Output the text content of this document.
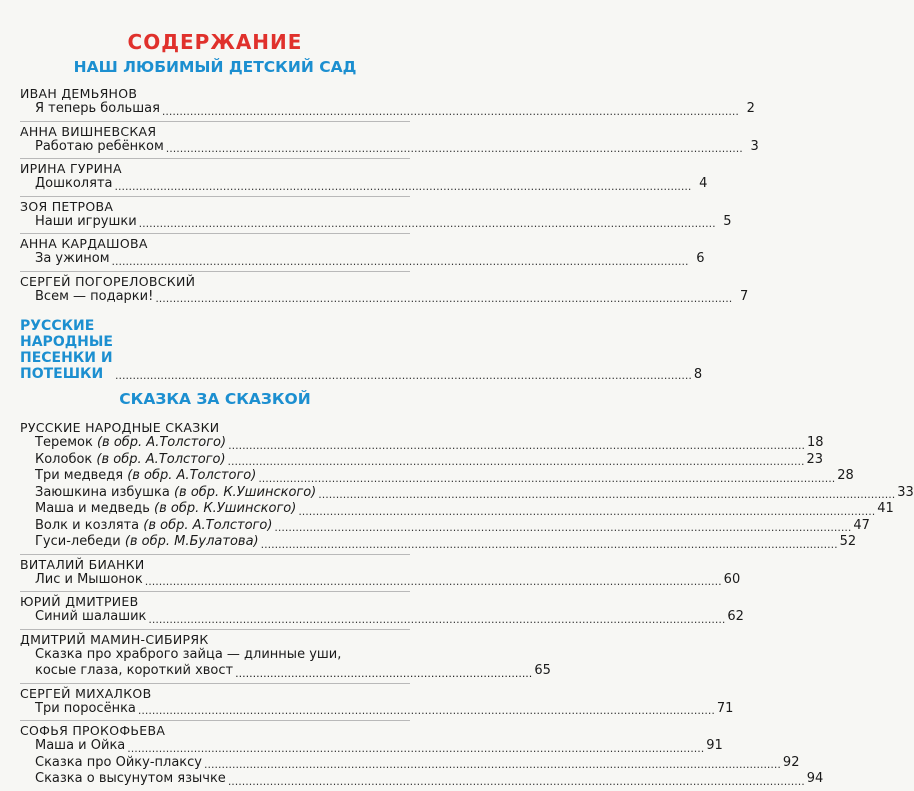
СОДЕРЖАНИЕ
НАШ ЛЮБИМЫЙ ДЕТСКИЙ САД
ИВАН ДЕМЬЯНОВ
Я теперь большая .....	2
АННА ВИШНЕВСКАЯ
Работаю ребёнком .....	3
ИРИНА ГУРИНА
Дошколята .....	4
ЗОЯ ПЕТРОВА
Наши игрушки .....	5
АННА КАРДАШОВА
За ужином .....	6
СЕРГЕЙ ПОГОРЕЛОВСКИЙ
Всем — подарки! .....	7
РУССКИЕ НАРОДНЫЕ ПЕСЕНКИ И ПОТЕШКИ .....	8
СКАЗКА ЗА СКАЗКОЙ
РУССКИЕ НАРОДНЫЕ СКАЗКИ
Теремок (в обр. А.Толстого) .....	18
Колобок (в обр. А.Толстого) .....	23
Три медведя (в обр. А.Толстого) .....	28
Заюшкина избушка (в обр. К.Ушинского) .....	33
Маша и медведь (в обр. К.Ушинского) .....	41
Волк и козлята (в обр. А.Толстого) .....	47
Гуси-лебеди (в обр. М.Булатова) .....	52
ВИТАЛИЙ БИАНКИ
Лис и Мышонок .....	60
ЮРИЙ ДМИТРИЕВ
Синий шалашик .....	62
ДМИТРИЙ МАМИН-СИБИРЯК
Сказка про храброго зайца — длинные уши,
косые глаза, короткий хвост ..................................................................................... 65
СЕРГЕЙ МИХАЛКОВ
Три поросёнка .....	71
СОФЬЯ ПРОКОФЬЕВА
Маша и Ойка .....	91
Сказка про Ойку-плаксу .....	92
Сказка о высунутом язычке .....	94
